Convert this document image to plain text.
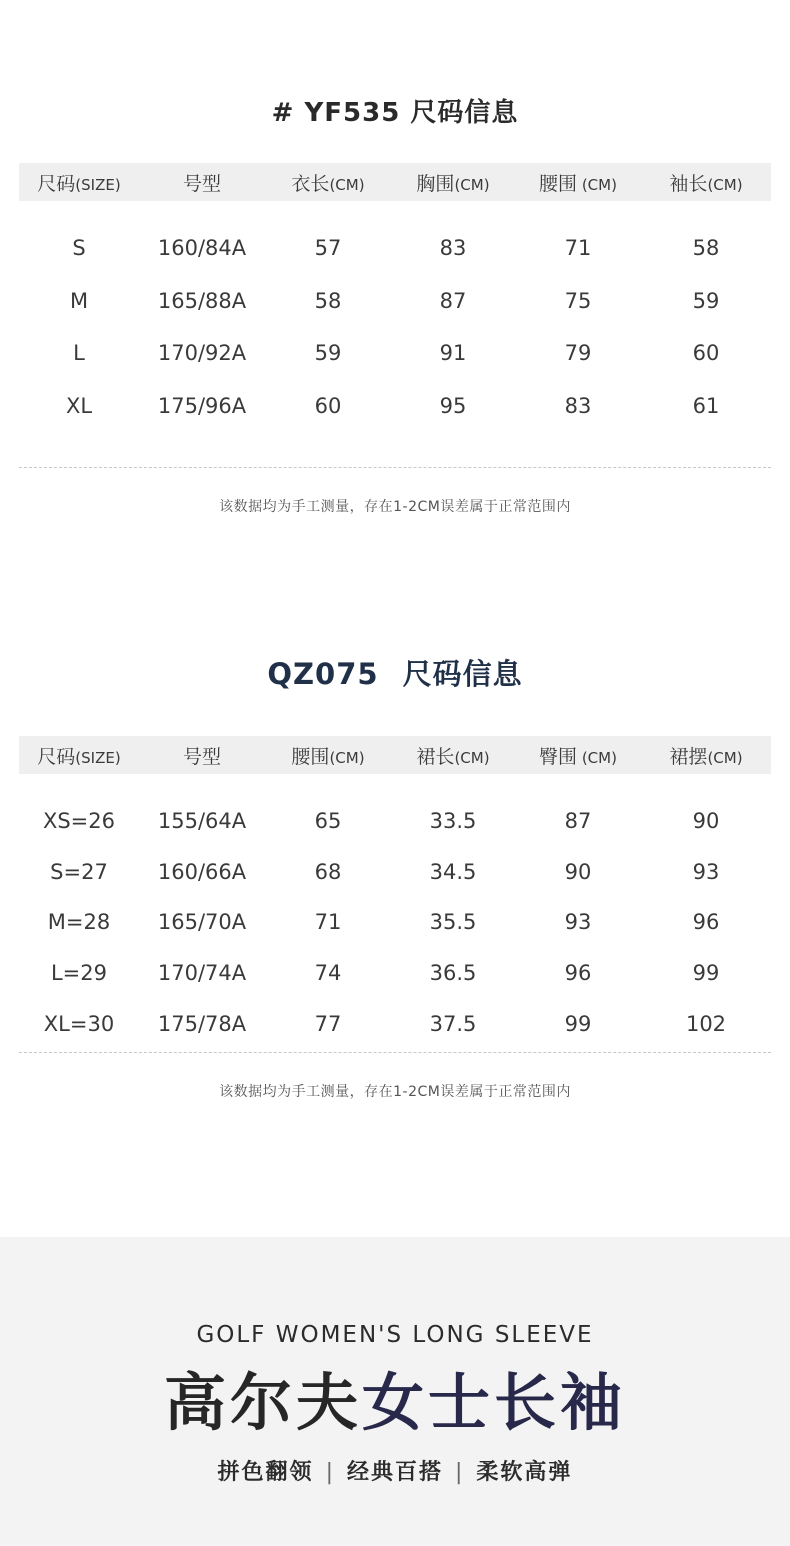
# YF535 尺码信息
尺码(SIZE)	号型	衣长(CM)	胸围(CM)	腰围 (CM)	袖长(CM)
S	160/84A	57	83	71	58
M	165/88A	58	87	75	59
L	170/92A	59	91	79	60
XL	175/96A	60	95	83	61
该数据均为手工测量，存在1-2CM误差属于正常范围内
QZ075 尺码信息
尺码(SIZE)	号型	腰围(CM)	裙长(CM)	臀围 (CM)	裙摆(CM)
XS=26	155/64A	65	33.5	87	90
S=27	160/66A	68	34.5	90	93
M=28	165/70A	71	35.5	93	96
L=29	170/74A	74	36.5	96	99
XL=30	175/78A	77	37.5	99	102
该数据均为手工测量，存在1-2CM误差属于正常范围内
GOLF WOMEN'S LONG SLEEVE
高尔夫女士长袖
拼色翻领 | 经典百搭 | 柔软高弹
